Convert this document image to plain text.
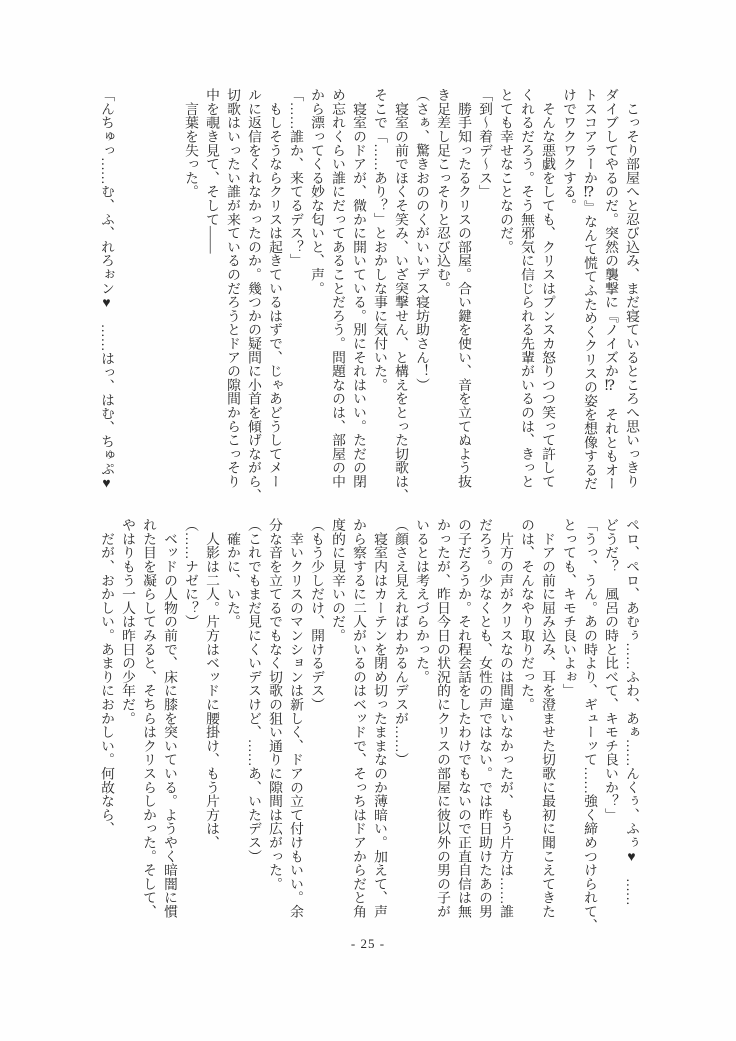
　こっそり部屋へと忍び込み、まだ寝ているところへ思いっきり
ダイブしてやるのだ。突然の襲撃に『ノイズか⁉　それともオー
トスコアラーか⁉』なんて慌てふためくクリスの姿を想像するだ
けでワクワクする。
　そんな悪戯をしても、クリスはプンスカ怒りつつ笑って許して
くれるだろう。そう無邪気に信じられる先輩がいるのは、きっと
とても幸せなことなのだ。
「到〜着デ〜ス」
　勝手知ったるクリスの部屋。合い鍵を使い、音を立てぬよう抜
き足差し足こっそりと忍び込む。
（さぁ、驚きおののくがいいデス寝坊助さん！）
　寝室の前でほくそ笑み、いざ突撃せん、と構えをとった切歌は、
そこで「……あり？」とおかしな事に気付いた。
　寝室のドアが、微かに開いている。別にそれはいい。ただの閉
め忘れくらい誰にだってあることだろう。問題なのは、部屋の中
から漂ってくる妙な匂いと、声。
「……誰か、来てるデス？」
　もしそうならクリスは起きているはずで、じゃあどうしてメー
ルに返信をくれなかったのか。幾つかの疑問に小首を傾げながら、
切歌はいったい誰が来ているのだろうとドアの隙間からこっそり
中を覗き見て、そして――
　言葉を失った。
「んちゅっ……む、ふ、れろぉン♥　……はっ、はむ、ちゅぷ♥
ペロ、ペロ、あむぅ……ふわ、あぁ……んくぅ、ふぅ♥　……
どうだ？　風呂の時と比べて、キモチ良いか？」
「うっ、うん。あの時より、ギューッて……強く締めつけられて、
とっても、キモチ良いよぉ」
　ドアの前に屈み込み、耳を澄ませた切歌に最初に聞こえてきた
のは、そんなやり取りだった。
　片方の声がクリスなのは間違いなかったが、もう片方は……誰
だろう。少なくとも、女性の声ではない。では昨日助けたあの男
の子だろうか。それ程会話をしたわけでもないので正直自信は無
かったが、昨日今日の状況的にクリスの部屋に彼以外の男の子が
いるとは考えづらかった。
（顔さえ見えればわかるんデスが……）
　寝室内はカーテンを閉め切ったままなのか薄暗い。加えて、声
から察するに二人がいるのはベッドで、そっちはドアからだと角
度的に見辛いのだ。
（もう少しだけ、開けるデス）
　幸いクリスのマンションは新しく、ドアの立て付けもいい。余
分な音を立てるでもなく切歌の狙い通りに隙間は広がった。
（これでもまだ見にくいデスけど、……あ、いたデス）
　確かに、いた。
　人影は二人。片方はベッドに腰掛け、もう片方は、
（……ナゼに？）
　ベッドの人物の前で、床に膝を突いている。ようやく暗闇に慣
れた目を凝らしてみると、そちらはクリスらしかった。そして、
やはりもう一人は昨日の少年だ。
　だが、おかしい。あまりにおかしい。何故なら、
- 25 -
